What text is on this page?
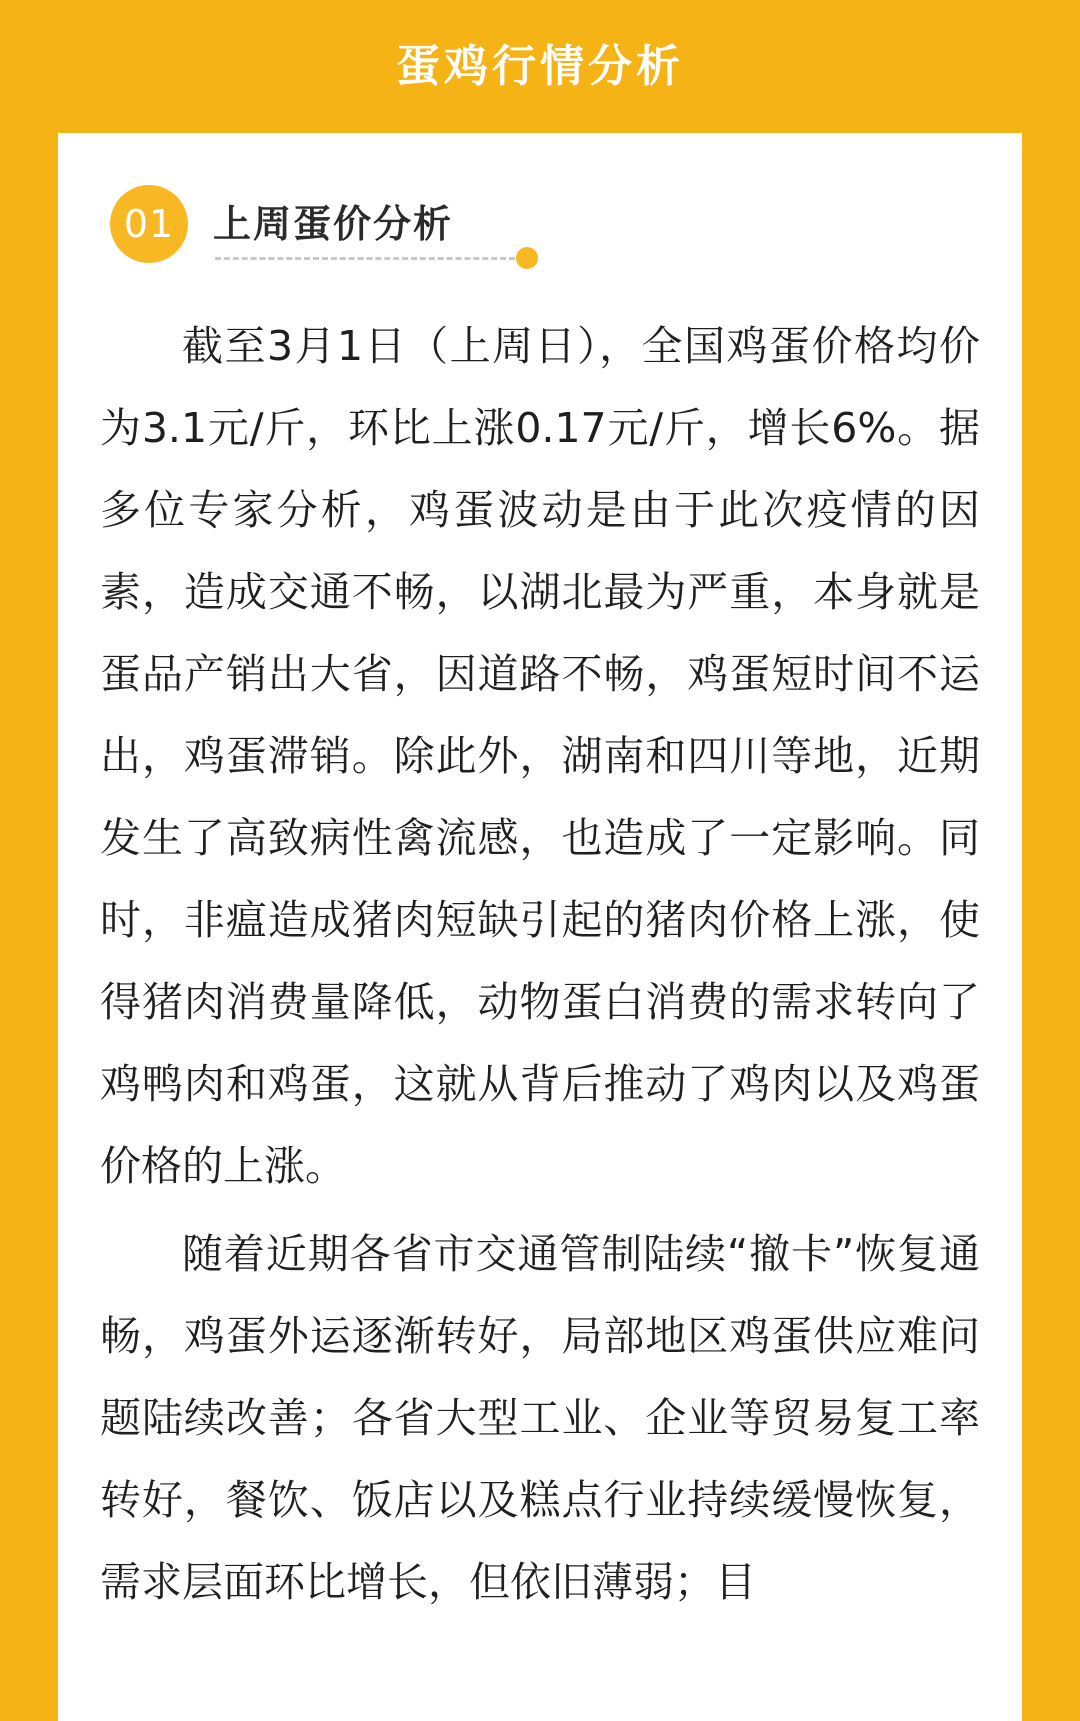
蛋鸡行情分析
01	上周蛋价分析

截至3月1日（上周日），全国鸡蛋价格均价为3.1元/斤，环比上涨0.17元/斤，增长6%。据多位专家分析，鸡蛋波动是由于此次疫情的因素，造成交通不畅，以湖北最为严重，本身就是蛋品产销出大省，因道路不畅，鸡蛋短时间不运出，鸡蛋滞销。除此外，湖南和四川等地，近期发生了高致病性禽流感，也造成了一定影响。同时，非瘟造成猪肉短缺引起的猪肉价格上涨，使得猪肉消费量降低，动物蛋白消费的需求转向了鸡鸭肉和鸡蛋，这就从背后推动了鸡肉以及鸡蛋价格的上涨。

随着近期各省市交通管制陆续“撤卡”恢复通畅，鸡蛋外运逐渐转好，局部地区鸡蛋供应难问题陆续改善；各省大型工业、企业等贸易复工率转好，餐饮、饭店以及糕点行业持续缓慢恢复，需求层面环比增长，但依旧薄弱；目
